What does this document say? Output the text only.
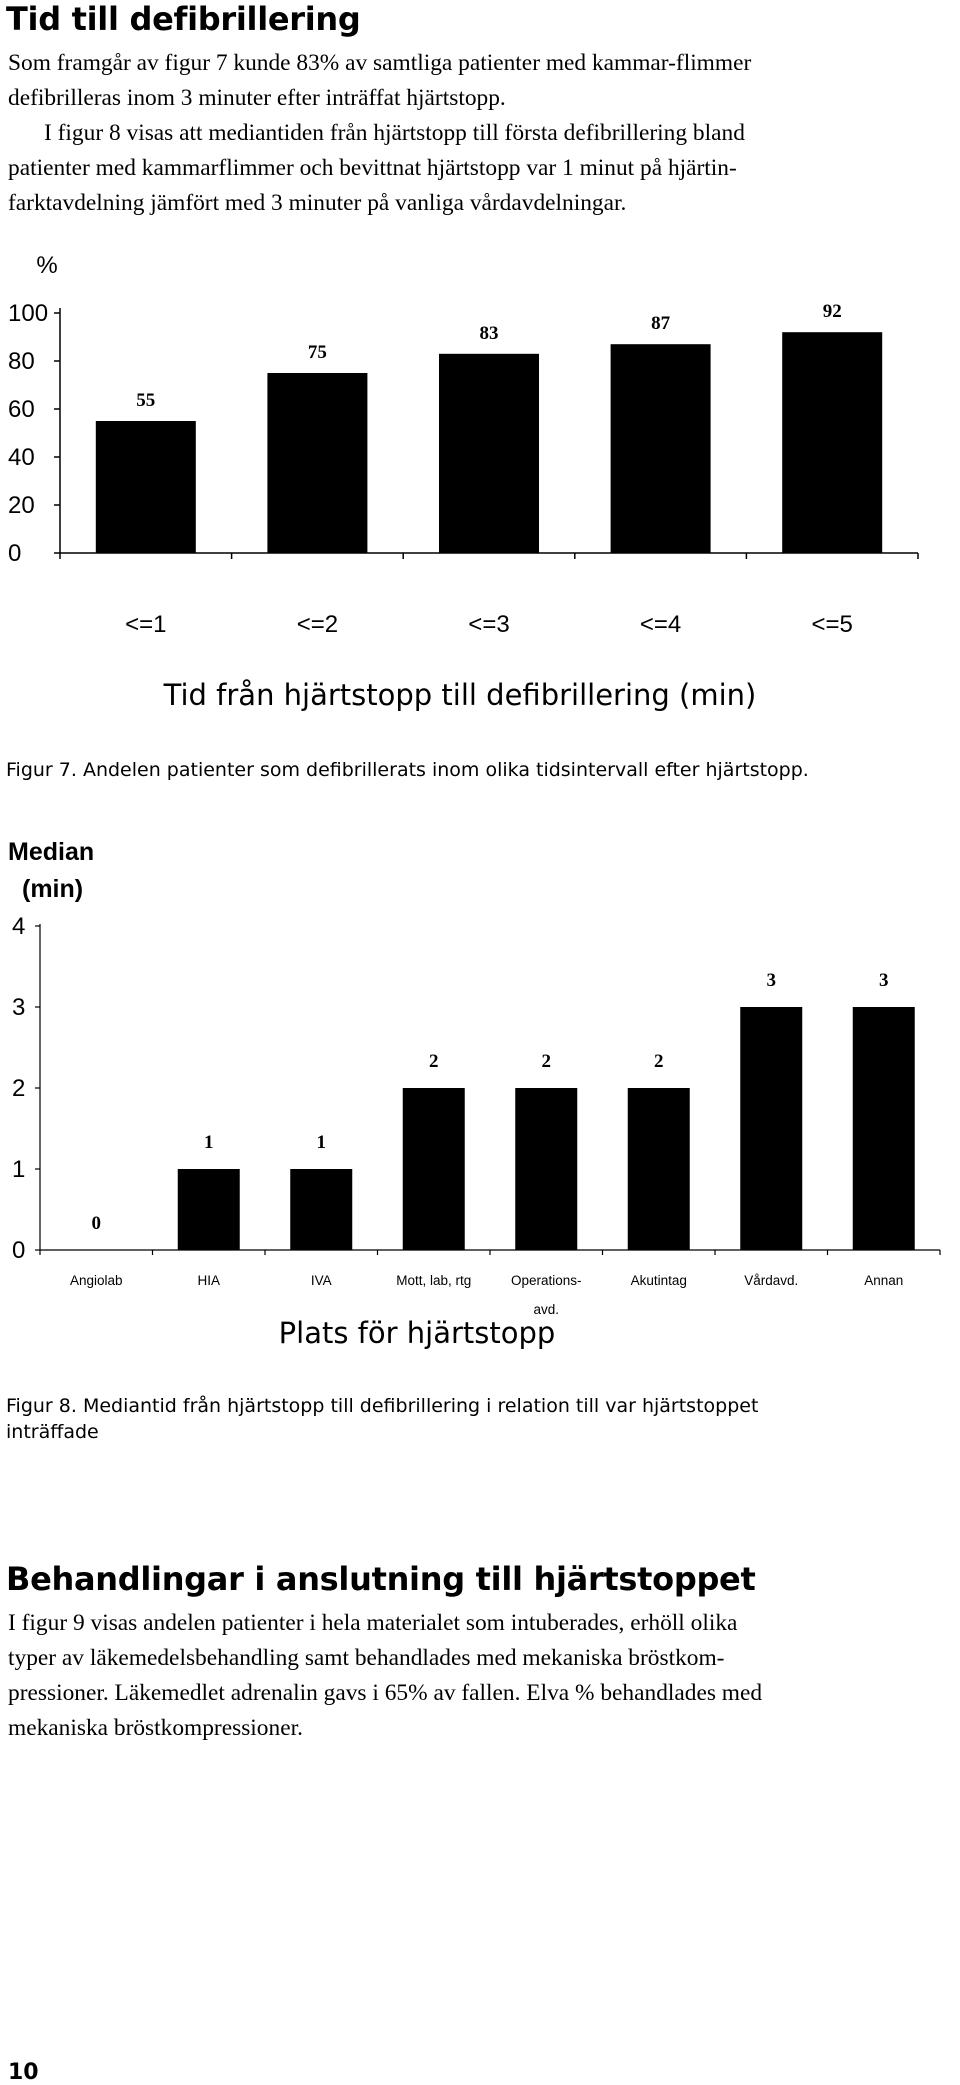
Tid till defibrillering

Som framgår av figur 7 kunde 83% av samtliga patienter med kammar-flimmer
defibrilleras inom 3 minuter efter inträffat hjärtstopp.
I figur 8 visas att mediantiden från hjärtstopp till första defibrillering bland
patienter med kammarflimmer och bevittnat hjärtstopp var 1 minut på hjärtin-
farktavdelning jämfört med 3 minuter på vanliga vårdavdelningar.

%
0
20
40
60
80
100
55
<=1
75
<=2
83
<=3
87
<=4
92
<=5
Tid från hjärtstopp till defibrillering (min)

Figur 7. Andelen patienter som defibrillerats inom olika tidsintervall efter hjärtstopp.

Median
(min)
0
1
2
3
4
0
Angiolab
1
HIA
1
IVA
2
Mott, lab, rtg
2
Operations-
avd.
2
Akutintag
3
Vårdavd.
3
Annan
Plats för hjärtstopp

Figur 8. Mediantid från hjärtstopp till defibrillering i relation till var hjärtstoppet
inträffade

Behandlingar i anslutning till hjärtstoppet

I figur 9 visas andelen patienter i hela materialet som intuberades, erhöll olika
typer av läkemedelsbehandling samt behandlades med mekaniska bröstkom-
pressioner. Läkemedlet adrenalin gavs i 65% av fallen. Elva % behandlades med
mekaniska bröstkompressioner.

10
